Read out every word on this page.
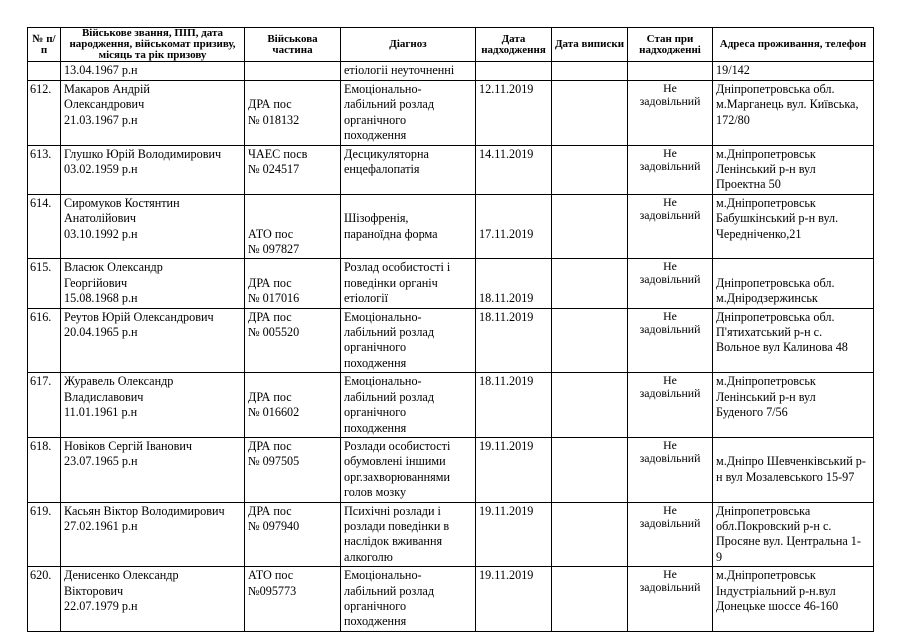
№ п/п	Військове звання, ПІП, дата народження, військомат призиву, місяць та рік призову	Військова частина	Діагноз	Дата надходження	Дата виписки	Стан при надходженні	Адреса проживання, телефон
	13.04.1967 р.н		етіологіі неуточненні				19/142

612.	Макаров Андрій
Олександрович
21.03.1967 р.н	ДРА пос
№ 018132	Емоціонально-
лабільний розлад
органічного
походження	12.11.2019		Не
задовільний	Дніпропетровська обл.
м.Марганець вул. Київська,
172/80

613.	Глушко Юрій Володимирович
03.02.1959 р.н	ЧАЕС посв
№ 024517	Десцикуляторна
енцефалопатія	14.11.2019		Не
задовільний	м.Дніпропетровськ
Ленінський р-н вул
Проектна 50

614.	Сиромуков Костянтин
Анатолійович
03.10.1992 р.н	АТО пос
№ 097827	Шізофренія,
параноїдна форма	17.11.2019		Не
задовільний	м.Дніпропетровськ
Бабушкінський р-н вул.
Чередніченко,21

615.	Власюк Олександр
Георгійович
15.08.1968 р.н	ДРА пос
№ 017016	Розлад особистості і
поведінки органіч
етіології	18.11.2019		Не
задовільний	Дніпропетровська обл.
м.Дніродзержинськ

616.	Реутов Юрій Олександрович
20.04.1965 р.н	ДРА пос
№ 005520	Емоціонально-
лабільний розлад
органічного
походження	18.11.2019		Не
задовільний	Дніпропетровська обл.
П'ятихатський р-н с.
Вольное вул Калинова 48

617.	Журавель Олександр
Владиславович
11.01.1961 р.н	ДРА пос
№ 016602	Емоціонально-
лабільний розлад
органічного
походження	18.11.2019		Не
задовільний	м.Дніпропетровськ
Ленінський р-н вул
Буденого 7/56

618.	Новіков Сергій Іванович
23.07.1965 р.н	ДРА пос
№ 097505	Розлади особистості
обумовлені іншими
орг.захворюваннями
голов мозку	19.11.2019		Не
задовільний	м.Дніпро Шевченківський р-
н вул Мозалевського 15-97

619.	Касьян Віктор Володимирович
27.02.1961 р.н	ДРА пос
№ 097940	Психічні розлади і
розлади поведінки в
наслідок вживання
алкоголю	19.11.2019		Не
задовільний	Дніпропетровська
обл.Покровский р-н с.
Просяне вул. Центральна 1-
9

620.	Денисенко Олександр
Вікторович
22.07.1979 р.н	АТО пос
№095773	Емоціонально-
лабільний розлад
органічного
походження	19.11.2019		Не
задовільний	м.Дніпропетровськ
Індустріальний р-н.вул
Донецьке шоссе 46-160
